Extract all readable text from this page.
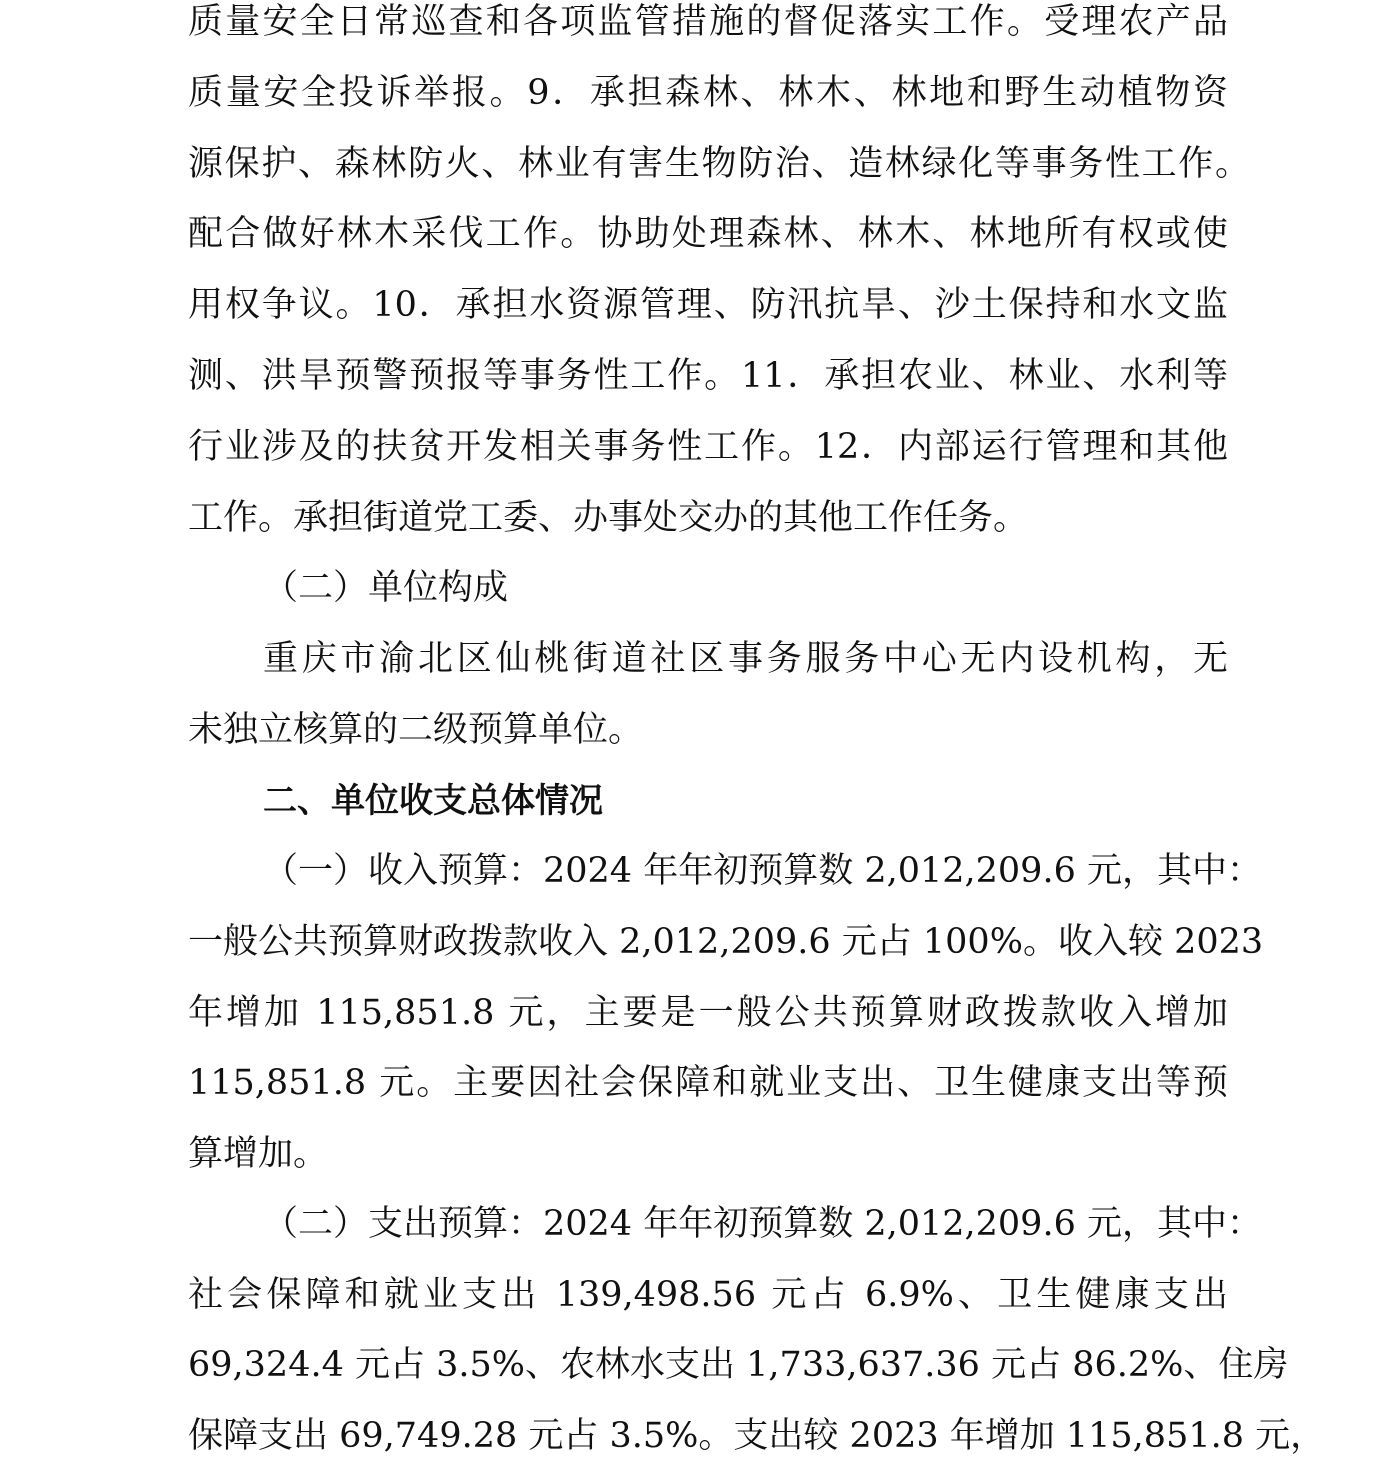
质量安全日常巡查和各项监管措施的督促落实工作。受理农产品
质量安全投诉举报。9．承担森林、林木、林地和野生动植物资
源保护、森林防火、林业有害生物防治、造林绿化等事务性工作。
配合做好林木采伐工作。协助处理森林、林木、林地所有权或使
用权争议。10．承担水资源管理、防汛抗旱、沙土保持和水文监
测、洪旱预警预报等事务性工作。11．承担农业、林业、水利等
行业涉及的扶贫开发相关事务性工作。12．内部运行管理和其他
工作。承担街道党工委、办事处交办的其他工作任务。
（二）单位构成
重庆市渝北区仙桃街道社区事务服务中心无内设机构，无
未独立核算的二级预算单位。
二、单位收支总体情况
（一）收入预算：2024 年年初预算数 2,012,209.6 元，其中：
一般公共预算财政拨款收入 2,012,209.6 元占 100%。收入较 2023
年增加 115,851.8 元，主要是一般公共预算财政拨款收入增加
115,851.8 元。主要因社会保障和就业支出、卫生健康支出等预
算增加。
（二）支出预算：2024 年年初预算数 2,012,209.6 元，其中：
社会保障和就业支出 139,498.56 元占 6.9%、卫生健康支出
69,324.4 元占 3.5%、农林水支出 1,733,637.36 元占 86.2%、住房
保障支出 69,749.28 元占 3.5%。支出较 2023 年增加 115,851.8 元，
